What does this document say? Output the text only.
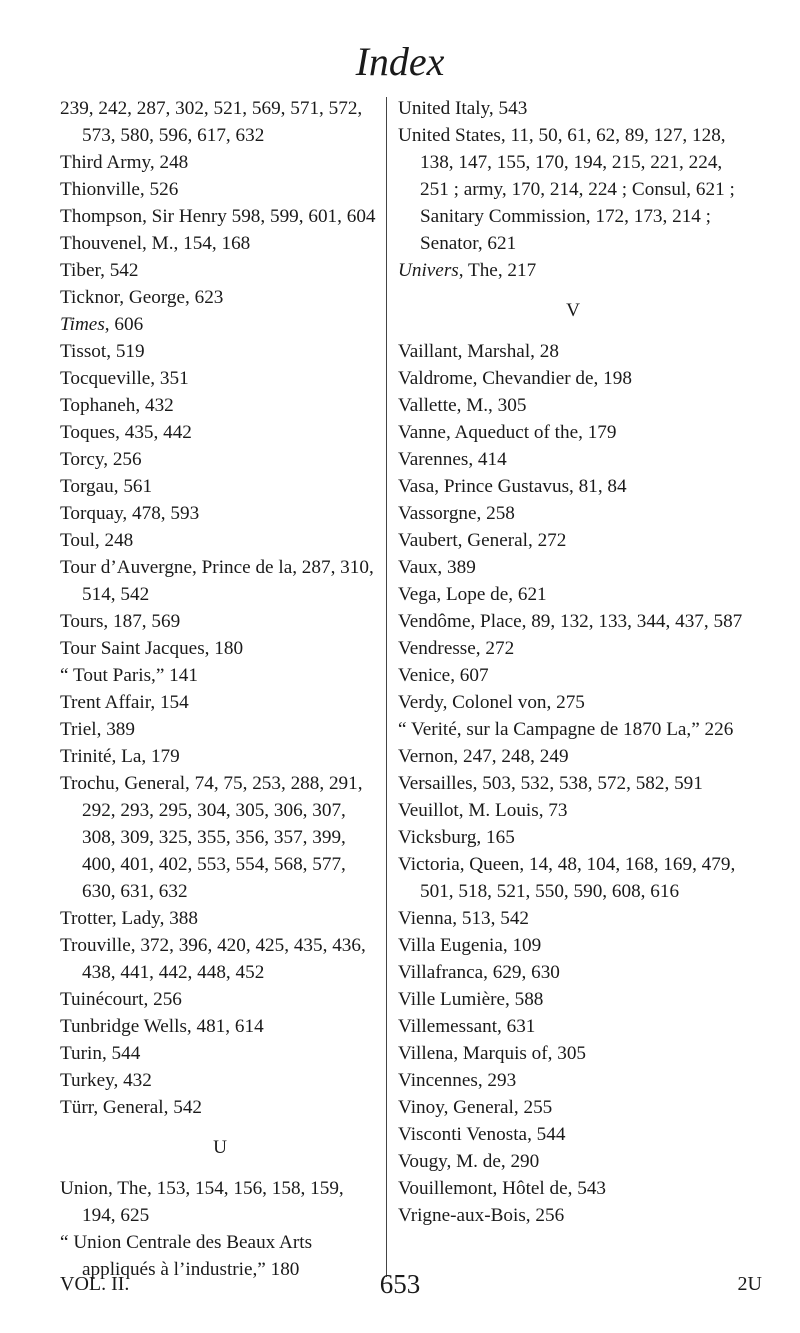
Index

239, 242, 287, 302, 521, 569, 571, 572, 573, 580, 596, 617, 632

Third Army, 248

Thionville, 526

Thompson, Sir Henry 598, 599, 601, 604

Thouvenel, M., 154, 168

Tiber, 542

Ticknor, George, 623

Times, 606

Tissot, 519

Tocqueville, 351

Tophaneh, 432

Toques, 435, 442

Torcy, 256

Torgau, 561

Torquay, 478, 593

Toul, 248

Tour d’Auvergne, Prince de la, 287, 310, 514, 542

Tours, 187, 569

Tour Saint Jacques, 180

“ Tout Paris,” 141

Trent Affair, 154

Triel, 389

Trinité, La, 179

Trochu, General, 74, 75, 253, 288, 291, 292, 293, 295, 304, 305, 306, 307, 308, 309, 325, 355, 356, 357, 399, 400, 401, 402, 553, 554, 568, 577, 630, 631, 632

Trotter, Lady, 388

Trouville, 372, 396, 420, 425, 435, 436, 438, 441, 442, 448, 452

Tuinécourt, 256

Tunbridge Wells, 481, 614

Turin, 544

Turkey, 432

Türr, General, 542

U

Union, The, 153, 154, 156, 158, 159, 194, 625

“ Union Centrale des Beaux Arts appliqués à l’industrie,” 180

United Italy, 543

United States, 11, 50, 61, 62, 89, 127, 128, 138, 147, 155, 170, 194, 215, 221, 224, 251 ; army, 170, 214, 224 ; Consul, 621 ; Sanitary Commission, 172, 173, 214 ; Senator, 621

Univers, The, 217

V

Vaillant, Marshal, 28

Valdrome, Chevandier de, 198

Vallette, M., 305

Vanne, Aqueduct of the, 179

Varennes, 414

Vasa, Prince Gustavus, 81, 84

Vassorgne, 258

Vaubert, General, 272

Vaux, 389

Vega, Lope de, 621

Vendôme, Place, 89, 132, 133, 344, 437, 587

Vendresse, 272

Venice, 607

Verdy, Colonel von, 275

“ Verité, sur la Campagne de 1870 La,” 226

Vernon, 247, 248, 249

Versailles, 503, 532, 538, 572, 582, 591

Veuillot, M. Louis, 73

Vicksburg, 165

Victoria, Queen, 14, 48, 104, 168, 169, 479, 501, 518, 521, 550, 590, 608, 616

Vienna, 513, 542

Villa Eugenia, 109

Villafranca, 629, 630

Ville Lumière, 588

Villemessant, 631

Villena, Marquis of, 305

Vincennes, 293

Vinoy, General, 255

Visconti Venosta, 544

Vougy, M. de, 290

Vouillemont, Hôtel de, 543

Vrigne-aux-Bois, 256

VOL. II.	653	2U
